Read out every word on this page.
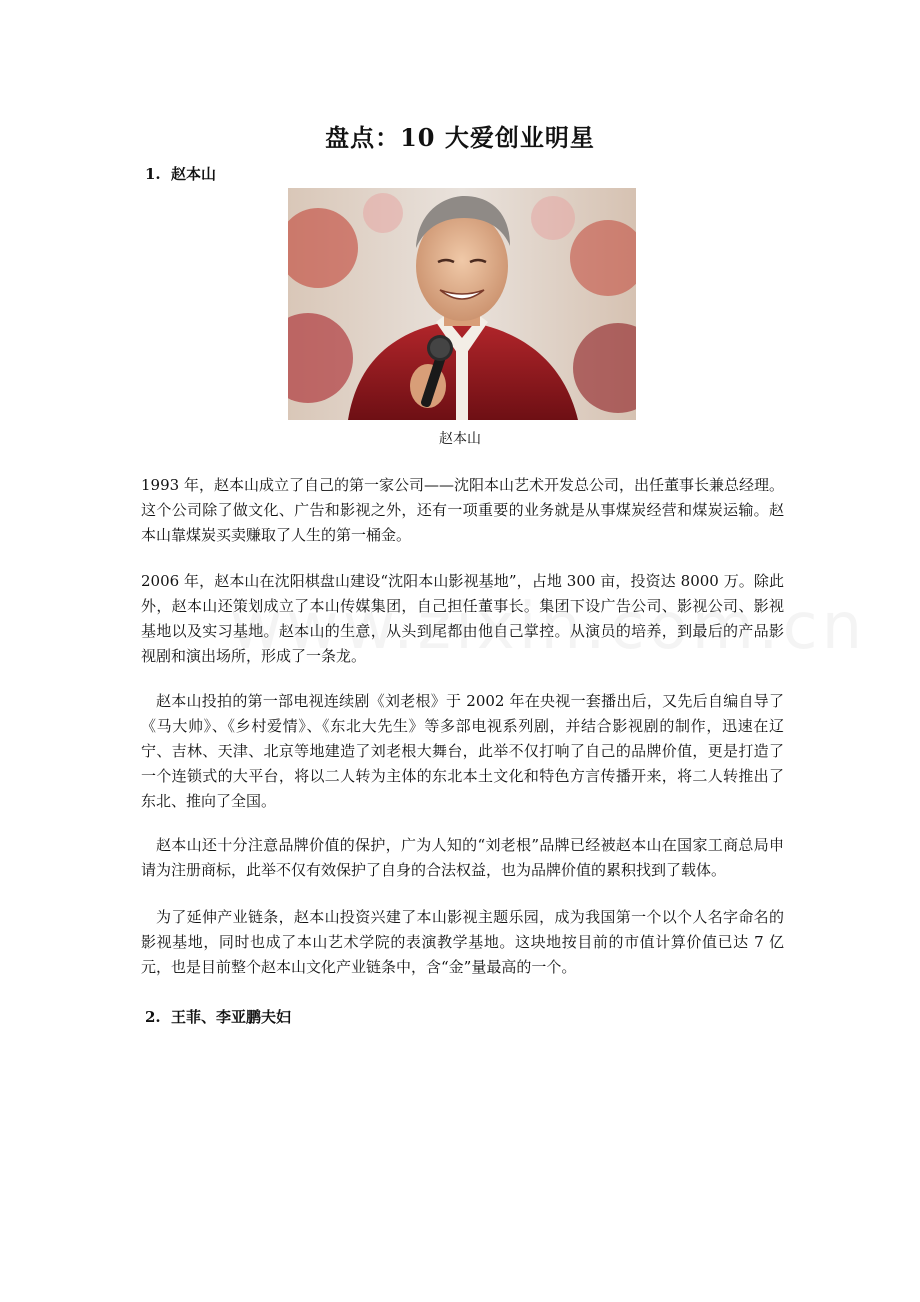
盘点：10 大爱创业明星
1. 赵本山
赵本山

1993 年，赵本山成立了自己的第一家公司——沈阳本山艺术开发总公司，出任董事长兼总经理。这个公司除了做文化、广告和影视之外，还有一项重要的业务就是从事煤炭经营和煤炭运输。赵本山靠煤炭买卖赚取了人生的第一桶金。

2006 年，赵本山在沈阳棋盘山建设“沈阳本山影视基地”，占地 300 亩，投资达 8000 万。除此外，赵本山还策划成立了本山传媒集团，自己担任董事长。集团下设广告公司、影视公司、影视基地以及实习基地。赵本山的生意，从头到尾都由他自己掌控。从演员的培养，到最后的产品影视剧和演出场所，形成了一条龙。

赵本山投拍的第一部电视连续剧《刘老根》于 2002 年在央视一套播出后，又先后自编自导了《马大帅》、《乡村爱情》、《东北大先生》等多部电视系列剧，并结合影视剧的制作，迅速在辽宁、吉林、天津、北京等地建造了刘老根大舞台，此举不仅打响了自己的品牌价值，更是打造了一个连锁式的大平台，将以二人转为主体的东北本土文化和特色方言传播开来，将二人转推出了东北、推向了全国。

赵本山还十分注意品牌价值的保护，广为人知的“刘老根”品牌已经被赵本山在国家工商总局申请为注册商标，此举不仅有效保护了自身的合法权益，也为品牌价值的累积找到了载体。

为了延伸产业链条，赵本山投资兴建了本山影视主题乐园，成为我国第一个以个人名字命名的影视基地，同时也成了本山艺术学院的表演教学基地。这块地按目前的市值计算价值已达 7 亿元，也是目前整个赵本山文化产业链条中，含“金”量最高的一个。

2. 王菲、李亚鹏夫妇
